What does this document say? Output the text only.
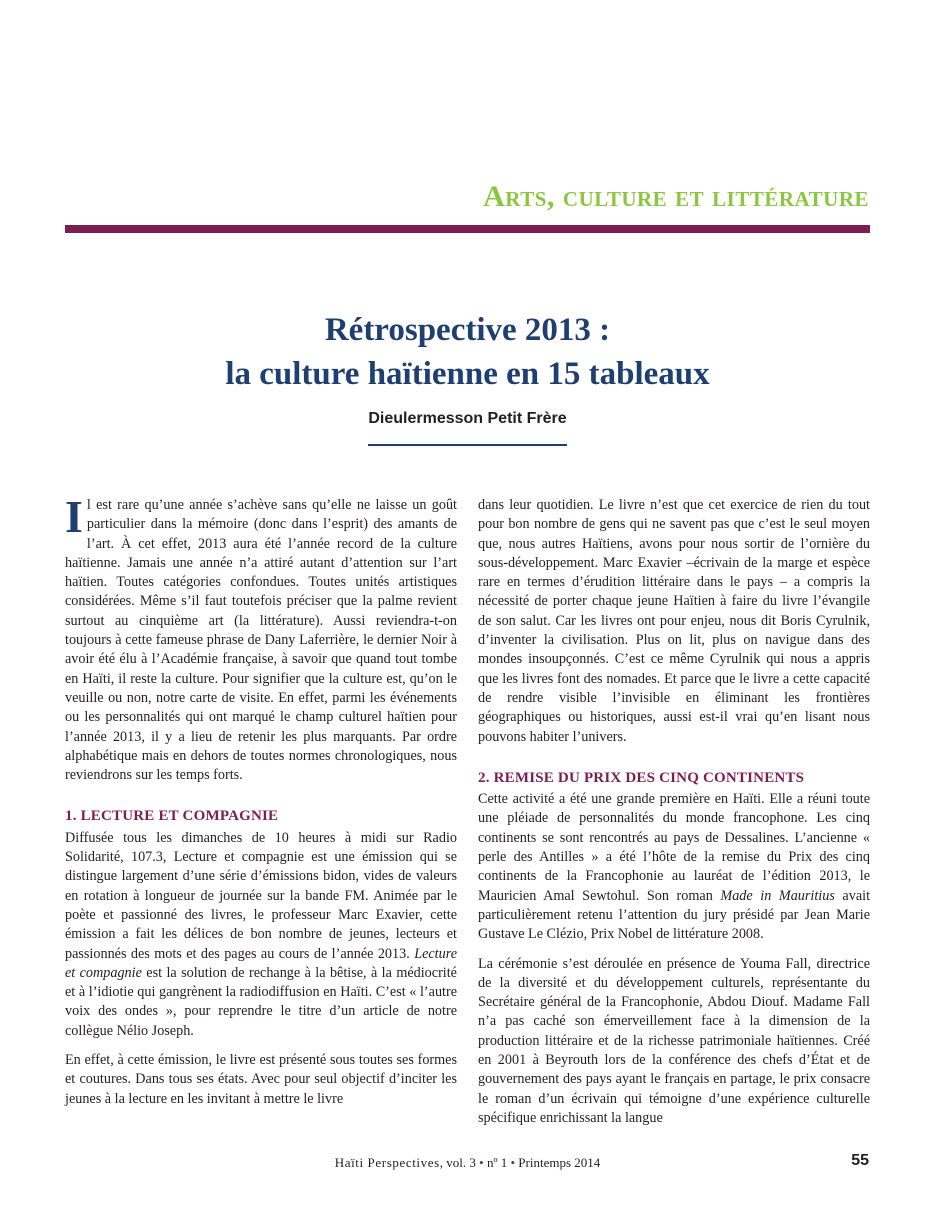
Arts, culture et littérature
Rétrospective 2013 :
la culture haïtienne en 15 tableaux
Dieulermesson Petit Frère

Il est rare qu’une année s’achève sans qu’elle ne laisse un goût particulier dans la mémoire (donc dans l’esprit) des amants de l’art. À cet effet, 2013 aura été l’année record de la culture haïtienne. Jamais une année n’a attiré autant d’attention sur l’art haïtien. Toutes catégories confondues. Toutes unités artistiques considérées. Même s’il faut toutefois préciser que la palme revient surtout au cinquième art (la littérature). Aussi reviendra-t-on toujours à cette fameuse phrase de Dany Laferrière, le dernier Noir à avoir été élu à l’Académie française, à savoir que quand tout tombe en Haïti, il reste la culture. Pour signifier que la culture est, qu’on le veuille ou non, notre carte de visite. En effet, parmi les événements ou les personnalités qui ont marqué le champ culturel haïtien pour l’année 2013, il y a lieu de retenir les plus marquants. Par ordre alphabétique mais en dehors de toutes normes chronologiques, nous reviendrons sur les temps forts.

1. LECTURE ET COMPAGNIE

Diffusée tous les dimanches de 10 heures à midi sur Radio Solidarité, 107.3, Lecture et compagnie est une émission qui se distingue largement d’une série d’émissions bidon, vides de valeurs en rotation à longueur de journée sur la bande FM. Animée par le poète et passionné des livres, le professeur Marc Exavier, cette émission a fait les délices de bon nombre de jeunes, lecteurs et passionnés des mots et des pages au cours de l’année 2013. Lecture et compagnie est la solution de rechange à la bêtise, à la médiocrité et à l’idiotie qui gangrènent la radiodiffusion en Haïti. C’est « l’autre voix des ondes », pour reprendre le titre d’un article de notre collègue Nélio Joseph.

En effet, à cette émission, le livre est présenté sous toutes ses formes et coutures. Dans tous ses états. Avec pour seul objectif d’inciter les jeunes à la lecture en les invitant à mettre le livre

dans leur quotidien. Le livre n’est que cet exercice de rien du tout pour bon nombre de gens qui ne savent pas que c’est le seul moyen que, nous autres Haïtiens, avons pour nous sortir de l’ornière du sous-développement. Marc Exavier –écrivain de la marge et espèce rare en termes d’érudition littéraire dans le pays – a compris la nécessité de porter chaque jeune Haïtien à faire du livre l’évangile de son salut. Car les livres ont pour enjeu, nous dit Boris Cyrulnik, d’inventer la civilisation. Plus on lit, plus on navigue dans des mondes insoupçonnés. C’est ce même Cyrulnik qui nous a appris que les livres font des nomades. Et parce que le livre a cette capacité de rendre visible l’invisible en éliminant les frontières géographiques ou historiques, aussi est-il vrai qu’en lisant nous pouvons habiter l’univers.

2. REMISE DU PRIX DES CINQ CONTINENTS

Cette activité a été une grande première en Haïti. Elle a réuni toute une pléiade de personnalités du monde francophone. Les cinq continents se sont rencontrés au pays de Dessalines. L’ancienne « perle des Antilles » a été l’hôte de la remise du Prix des cinq continents de la Francophonie au lauréat de l’édition 2013, le Mauricien Amal Sewtohul. Son roman Made in Mauritius avait particulièrement retenu l’attention du jury présidé par Jean Marie Gustave Le Clézio, Prix Nobel de littérature 2008.

La cérémonie s’est déroulée en présence de Youma Fall, directrice de la diversité et du développement culturels, représentante du Secrétaire général de la Francophonie, Abdou Diouf. Madame Fall n’a pas caché son émerveillement face à la dimension de la production littéraire et de la richesse patrimoniale haïtiennes. Créé en 2001 à Beyrouth lors de la conférence des chefs d’État et de gouvernement des pays ayant le français en partage, le prix consacre le roman d’un écrivain qui témoigne d’une expérience culturelle spécifique enrichissant la langue

Haïti Perspectives, vol. 3 • nº 1 • Printemps 2014	55
